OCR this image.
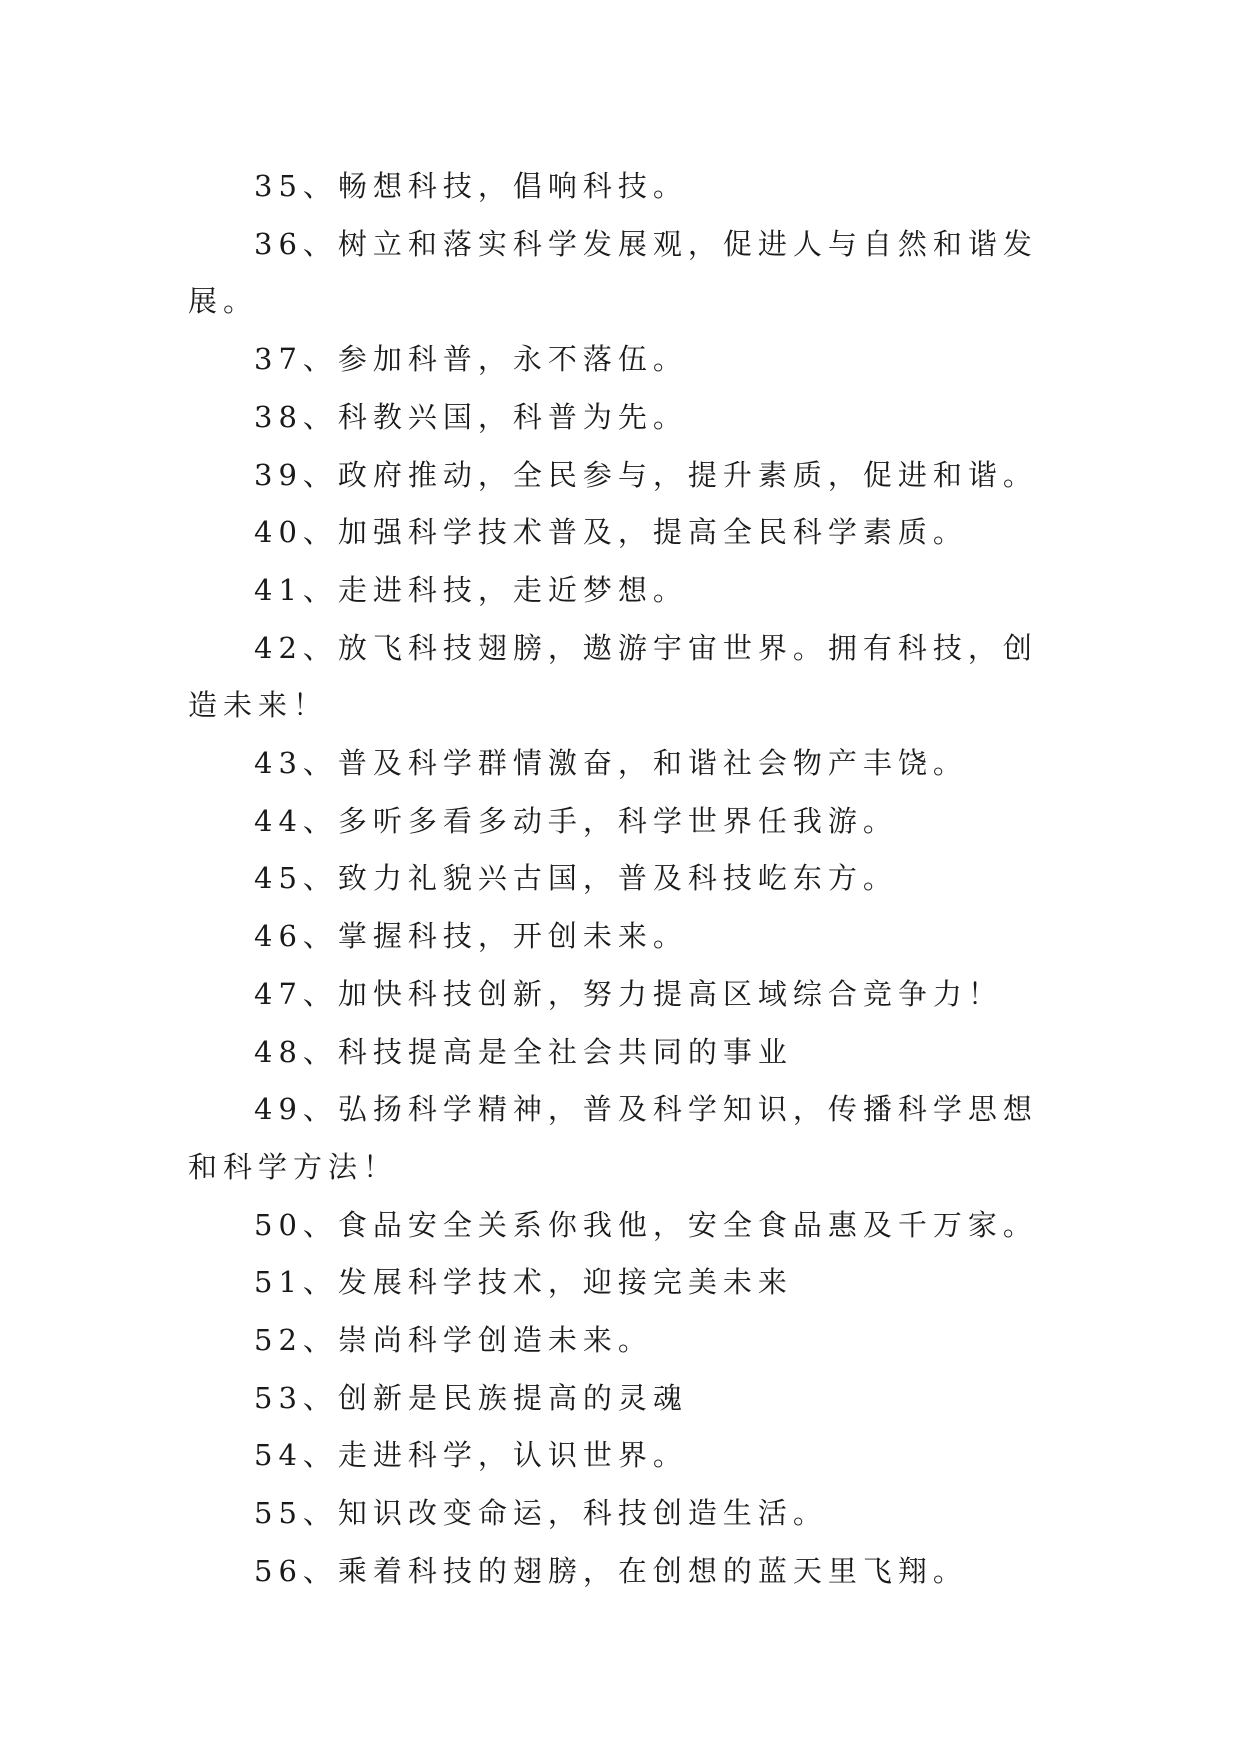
35、畅想科技，倡响科技。

36、树立和落实科学发展观，促进人与自然和谐发展。

37、参加科普，永不落伍。

38、科教兴国，科普为先。

39、政府推动，全民参与，提升素质，促进和谐。

40、加强科学技术普及，提高全民科学素质。

41、走进科技，走近梦想。

42、放飞科技翅膀，遨游宇宙世界。拥有科技，创造未来！

43、普及科学群情激奋，和谐社会物产丰饶。

44、多听多看多动手，科学世界任我游。

45、致力礼貌兴古国，普及科技屹东方。

46、掌握科技，开创未来。

47、加快科技创新，努力提高区域综合竞争力！

48、科技提高是全社会共同的事业

49、弘扬科学精神，普及科学知识，传播科学思想和科学方法！

50、食品安全关系你我他，安全食品惠及千万家。

51、发展科学技术，迎接完美未来

52、崇尚科学创造未来。

53、创新是民族提高的灵魂

54、走进科学，认识世界。

55、知识改变命运，科技创造生活。

56、乘着科技的翅膀，在创想的蓝天里飞翔。
